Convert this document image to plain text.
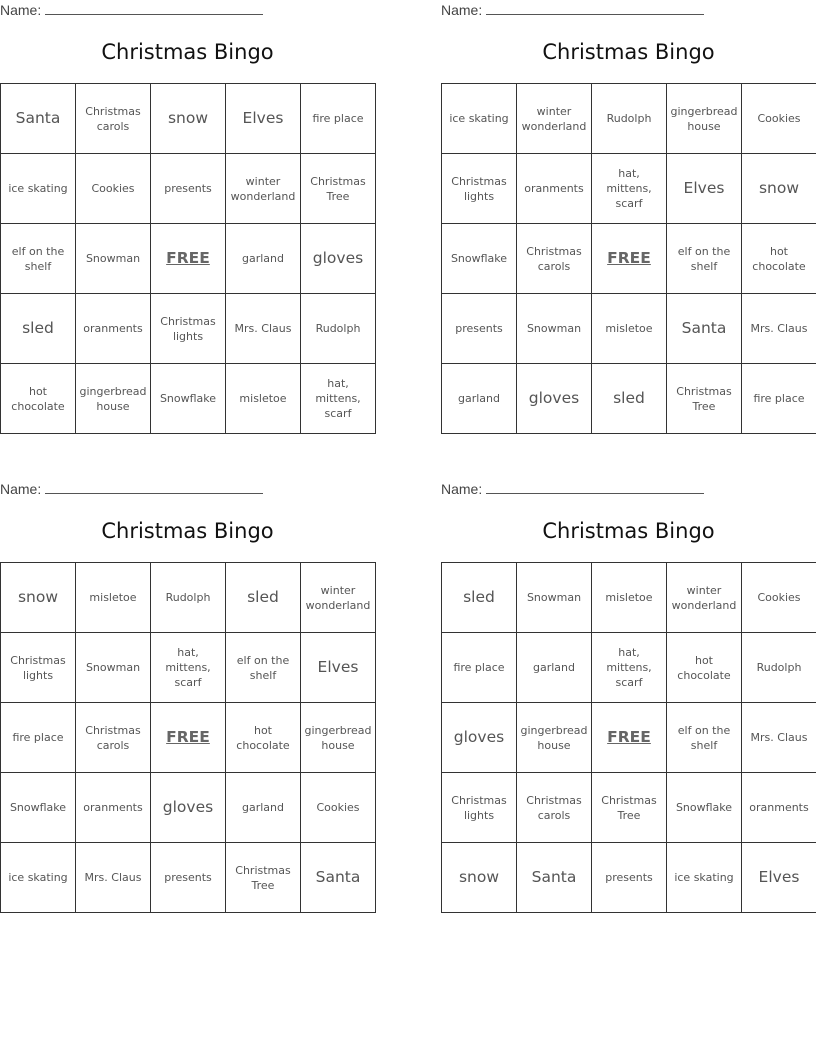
Name:
Christmas Bingo
Santa	Christmas carols	snow	Elves	fire place
ice skating	Cookies	presents	winter wonderland	Christmas Tree
elf on the shelf	Snowman	FREE	garland	gloves
sled	oranments	Christmas lights	Mrs. Claus	Rudolph
hot chocolate	gingerbread house	Snowflake	misletoe	hat, mittens, scarf
Name:
Christmas Bingo
ice skating	winter wonderland	Rudolph	gingerbread house	Cookies
Christmas lights	oranments	hat, mittens, scarf	Elves	snow
Snowflake	Christmas carols	FREE	elf on the shelf	hot chocolate
presents	Snowman	misletoe	Santa	Mrs. Claus
garland	gloves	sled	Christmas Tree	fire place
Name:
Christmas Bingo
snow	misletoe	Rudolph	sled	winter wonderland
Christmas lights	Snowman	hat, mittens, scarf	elf on the shelf	Elves
fire place	Christmas carols	FREE	hot chocolate	gingerbread house
Snowflake	oranments	gloves	garland	Cookies
ice skating	Mrs. Claus	presents	Christmas Tree	Santa
Name:
Christmas Bingo
sled	Snowman	misletoe	winter wonderland	Cookies
fire place	garland	hat, mittens, scarf	hot chocolate	Rudolph
gloves	gingerbread house	FREE	elf on the shelf	Mrs. Claus
Christmas lights	Christmas carols	Christmas Tree	Snowflake	oranments
snow	Santa	presents	ice skating	Elves
